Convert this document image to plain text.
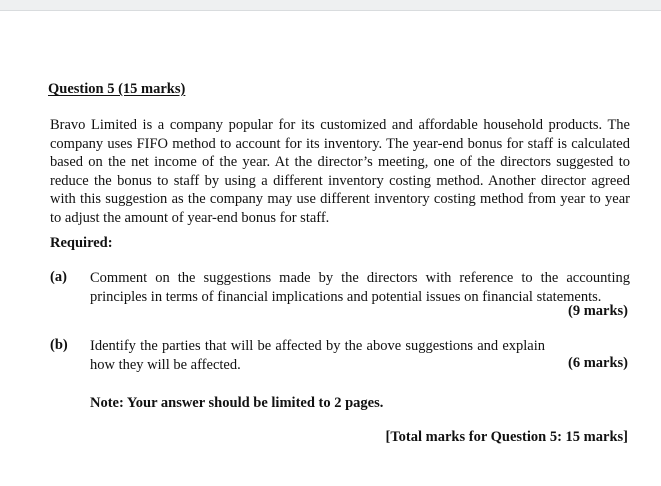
Question 5 (15 marks)

Bravo Limited is a company popular for its customized and affordable household products. The company uses FIFO method to account for its inventory. The year-end bonus for staff is calculated based on the net income of the year. At the director’s meeting, one of the directors suggested to reduce the bonus to staff by using a different inventory costing method. Another director agreed with this suggestion as the company may use different inventory costing method from year to year to adjust the amount of year-end bonus for staff.

Required:
(a) Comment on the suggestions made by the directors with reference to the accounting principles in terms of financial implications and potential issues on financial statements.

(9 marks)
(b) Identify the parties that will be affected by the above suggestions and explain how they will be affected.	(6 marks)
Note: Your answer should be limited to 2 pages.
[Total marks for Question 5: 15 marks]
